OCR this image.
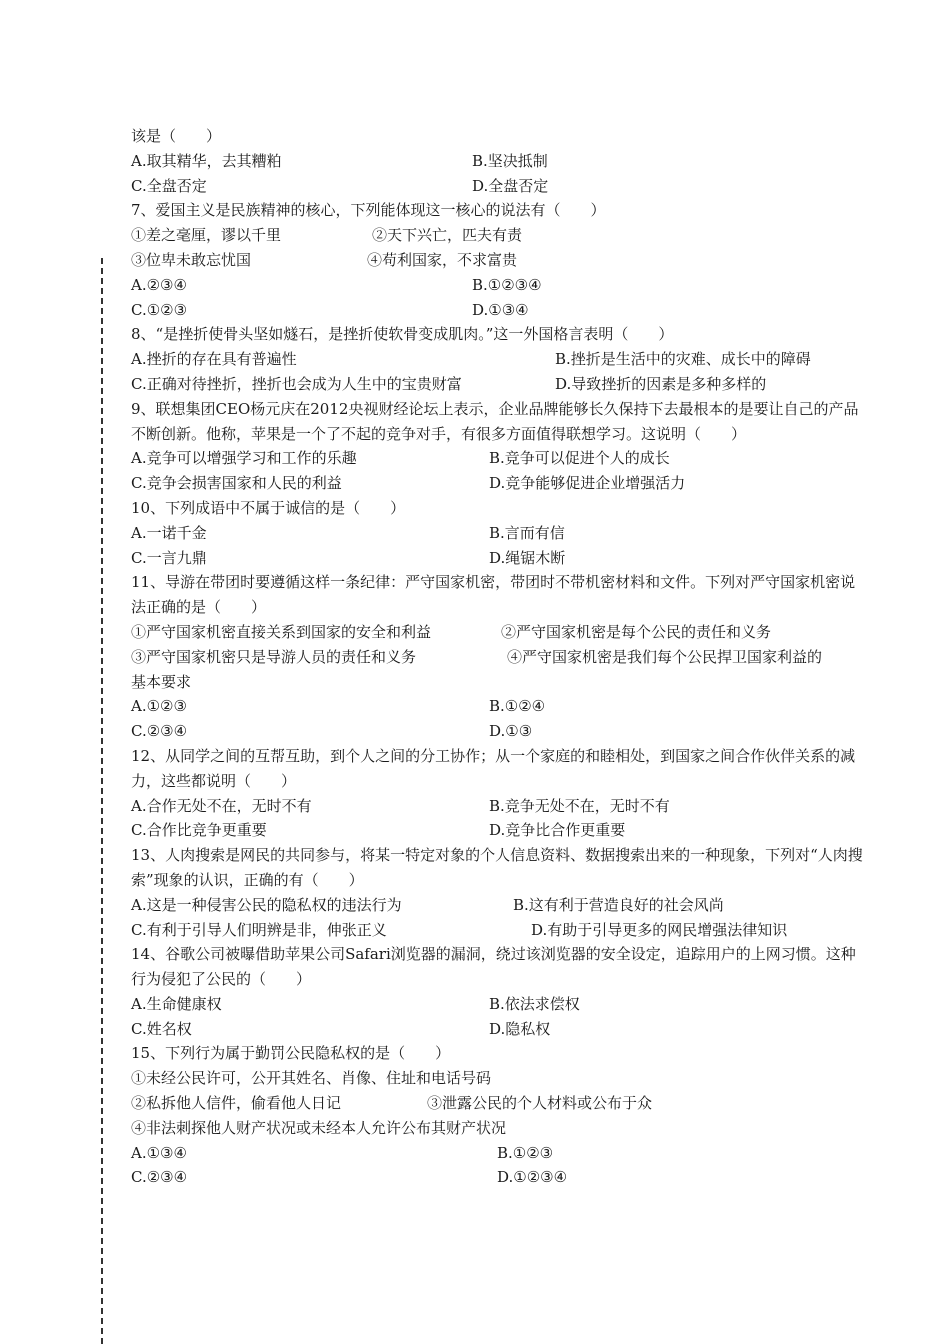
该是（　　）
A.取其精华，去其糟粕	B.坚决抵制
C.全盘否定	D.全盘否定
7、爱国主义是民族精神的核心，下列能体现这一核心的说法有（　　）
①差之毫厘，谬以千里	②天下兴亡，匹夫有责
③位卑未敢忘忧国	④苟利国家，不求富贵
A.②③④	B.①②③④
C.①②③	D.①③④
8、“是挫折使骨头坚如燧石，是挫折使软骨变成肌肉。”这一外国格言表明（　　）
A.挫折的存在具有普遍性	B.挫折是生活中的灾难、成长中的障碍
C.正确对待挫折，挫折也会成为人生中的宝贵财富	D.导致挫折的因素是多种多样的
9、联想集团CEO杨元庆在2012央视财经论坛上表示，企业品牌能够长久保持下去最根本的是要让自己的产品不断创新。他称，苹果是一个了不起的竞争对手，有很多方面值得联想学习。这说明（　　）
A.竞争可以增强学习和工作的乐趣	B.竞争可以促进个人的成长
C.竞争会损害国家和人民的利益	D.竞争能够促进企业增强活力
10、下列成语中不属于诚信的是（　　）
A.一诺千金	B.言而有信
C.一言九鼎	D.绳锯木断
11、导游在带团时要遵循这样一条纪律：严守国家机密，带团时不带机密材料和文件。下列对严守国家机密说法正确的是（　　）
①严守国家机密直接关系到国家的安全和利益	②严守国家机密是每个公民的责任和义务
③严守国家机密只是导游人员的责任和义务	④严守国家机密是我们每个公民捍卫国家利益的
基本要求
A.①②③	B.①②④
C.②③④	D.①③
12、从同学之间的互帮互助，到个人之间的分工协作；从一个家庭的和睦相处，到国家之间合作伙伴关系的减力，这些都说明（　　）
A.合作无处不在，无时不有	B.竞争无处不在，无时不有
C.合作比竞争更重要	D.竞争比合作更重要
13、人肉搜索是网民的共同参与，将某一特定对象的个人信息资料、数据搜索出来的一种现象，下列对“人肉搜索”现象的认识，正确的有（　　）
A.这是一种侵害公民的隐私权的违法行为	B.这有利于营造良好的社会风尚
C.有利于引导人们明辨是非，伸张正义	D.有助于引导更多的网民增强法律知识
14、谷歌公司被曝借助苹果公司Safari浏览器的漏洞，绕过该浏览器的安全设定，追踪用户的上网习惯。这种行为侵犯了公民的（　　）
A.生命健康权	B.依法求偿权
C.姓名权	D.隐私权
15、下列行为属于勤罚公民隐私权的是（　　）
①未经公民许可，公开其姓名、肖像、住址和电话号码
②私拆他人信件，偷看他人日记	③泄露公民的个人材料或公布于众
④非法刺探他人财产状况或未经本人允许公布其财产状况
A.①③④	B.①②③
C.②③④	D.①②③④
